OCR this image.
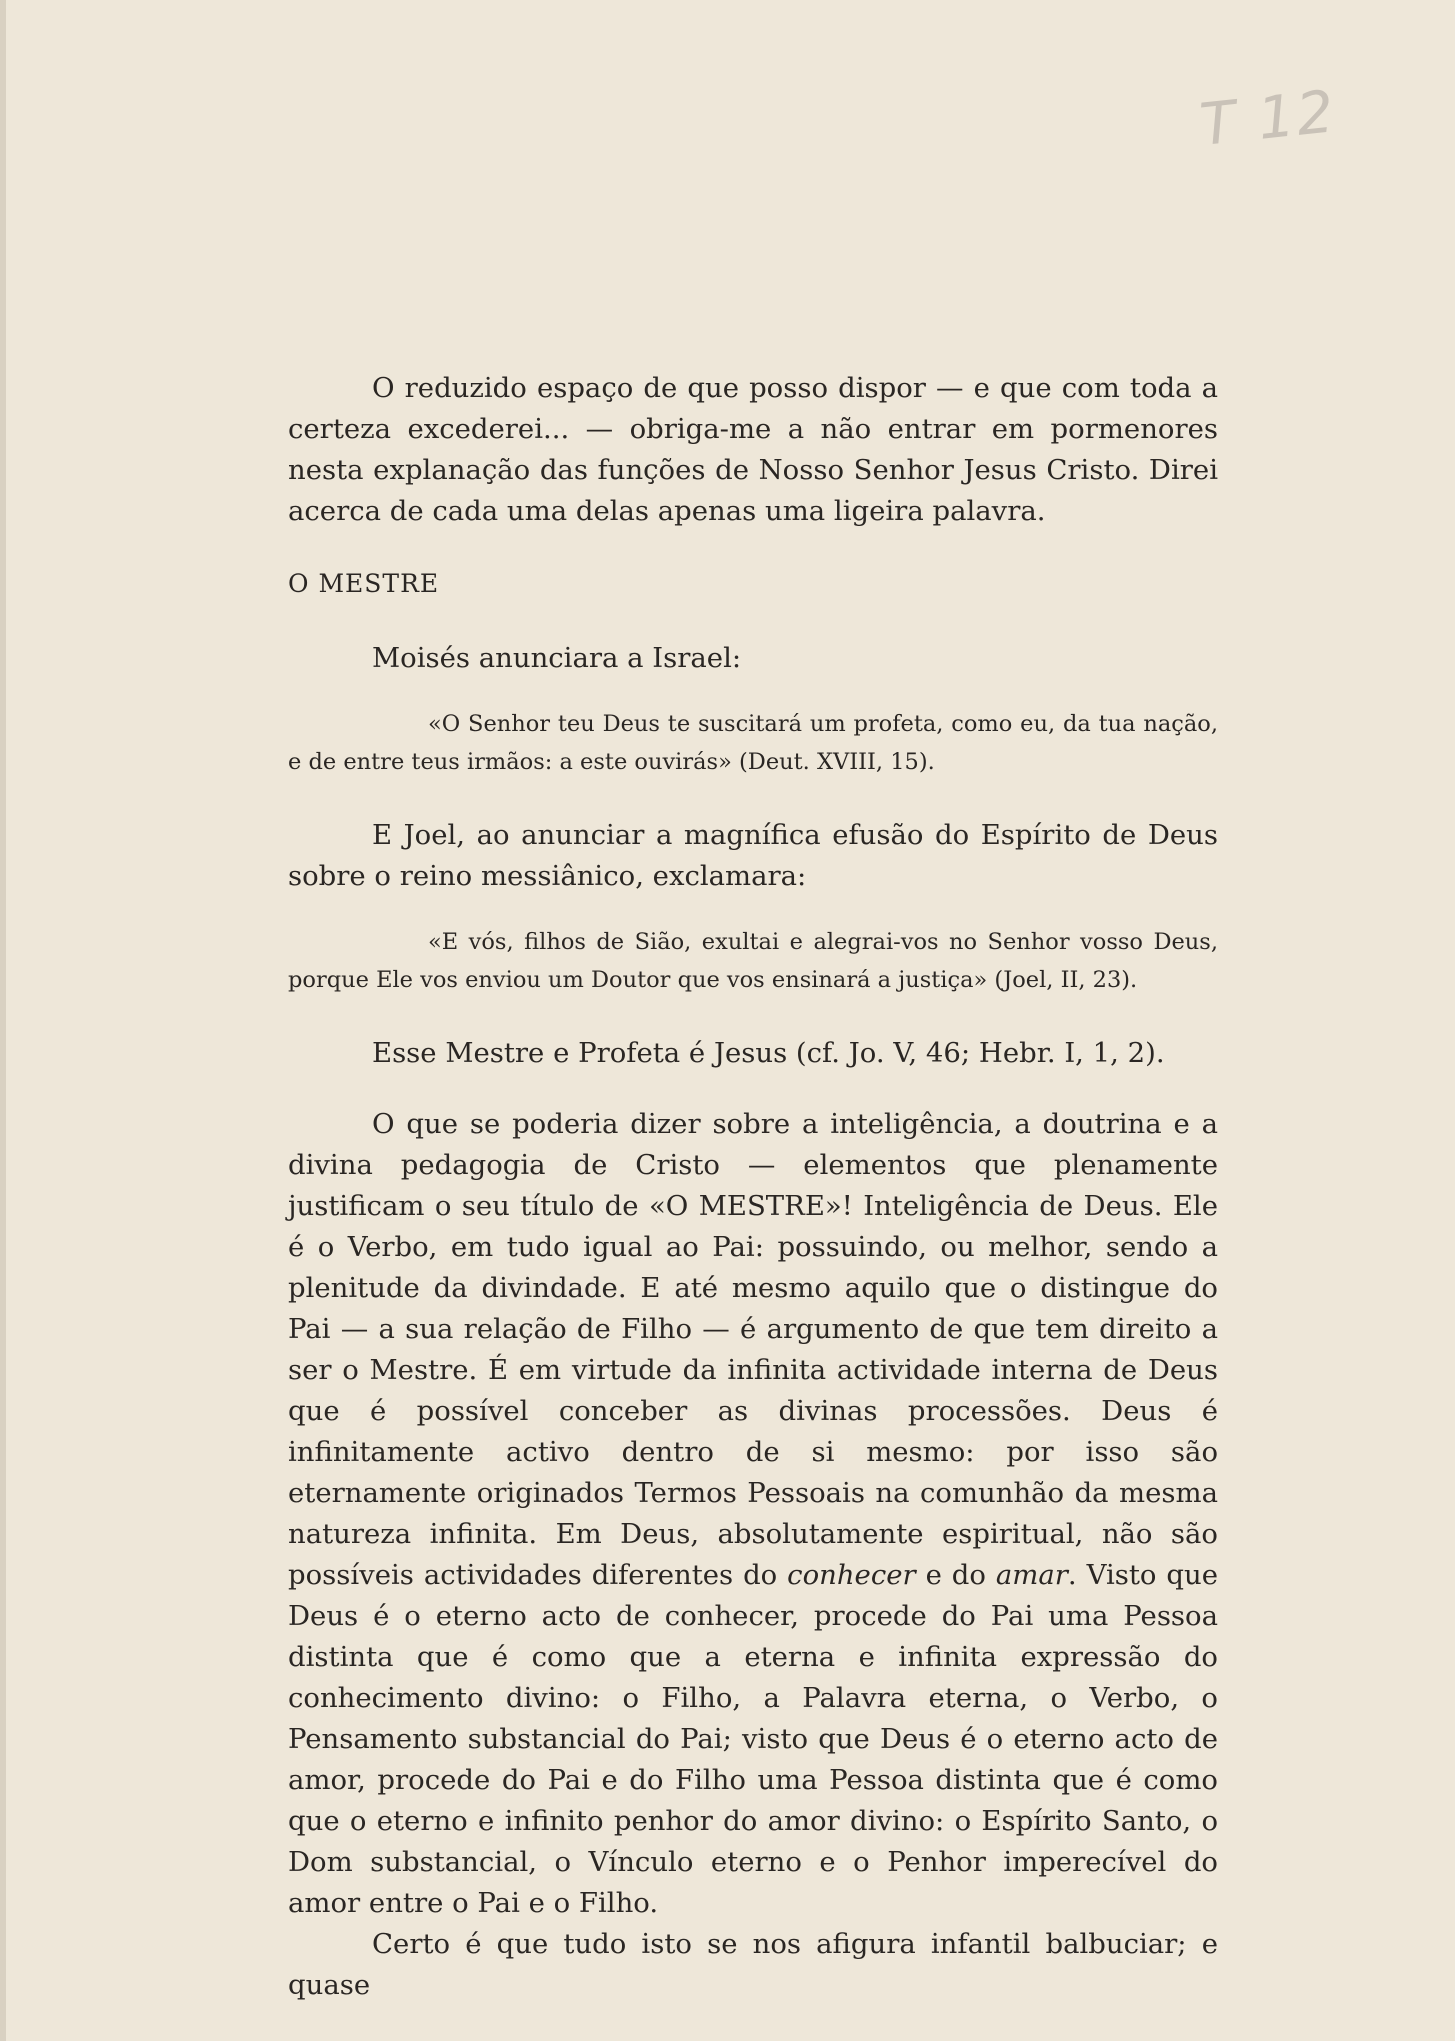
T 12

O reduzido espaço de que posso dispor — e que com toda a certeza excederei... — obriga-me a não entrar em pormenores nesta explanação das funções de Nosso Senhor Jesus Cristo. Direi acerca de cada uma delas apenas uma ligeira palavra.

O MESTRE

Moisés anunciara a Israel:

«O Senhor teu Deus te suscitará um profeta, como eu, da tua nação, e de entre teus irmãos: a este ouvirás» (Deut. XVIII, 15).

E Joel, ao anunciar a magnífica efusão do Espírito de Deus sobre o reino messiânico, exclamara:

«E vós, filhos de Sião, exultai e alegrai-vos no Senhor vosso Deus, porque Ele vos enviou um Doutor que vos ensinará a justiça» (Joel, II, 23).

Esse Mestre e Profeta é Jesus (cf. Jo. V, 46; Hebr. I, 1, 2).

O que se poderia dizer sobre a inteligência, a doutrina e a divina pedagogia de Cristo — elementos que plenamente justificam o seu título de «O MESTRE»! Inteligência de Deus. Ele é o Verbo, em tudo igual ao Pai: possuindo, ou melhor, sendo a plenitude da divindade. E até mesmo aquilo que o distingue do Pai — a sua relação de Filho — é argumento de que tem direito a ser o Mestre. É em virtude da infinita actividade interna de Deus que é possível conceber as divinas processões. Deus é infinitamente activo dentro de si mesmo: por isso são eternamente originados Termos Pessoais na comunhão da mesma natureza infinita. Em Deus, absolutamente espiritual, não são possíveis actividades diferentes do conhecer e do amar. Visto que Deus é o eterno acto de conhecer, procede do Pai uma Pessoa distinta que é como que a eterna e infinita expressão do conhecimento divino: o Filho, a Palavra eterna, o Verbo, o Pensamento substancial do Pai; visto que Deus é o eterno acto de amor, procede do Pai e do Filho uma Pessoa distinta que é como que o eterno e infinito penhor do amor divino: o Espírito Santo, o Dom substancial, o Vínculo eterno e o Penhor imperecível do amor entre o Pai e o Filho.

Certo é que tudo isto se nos afigura infantil balbuciar; e quase
